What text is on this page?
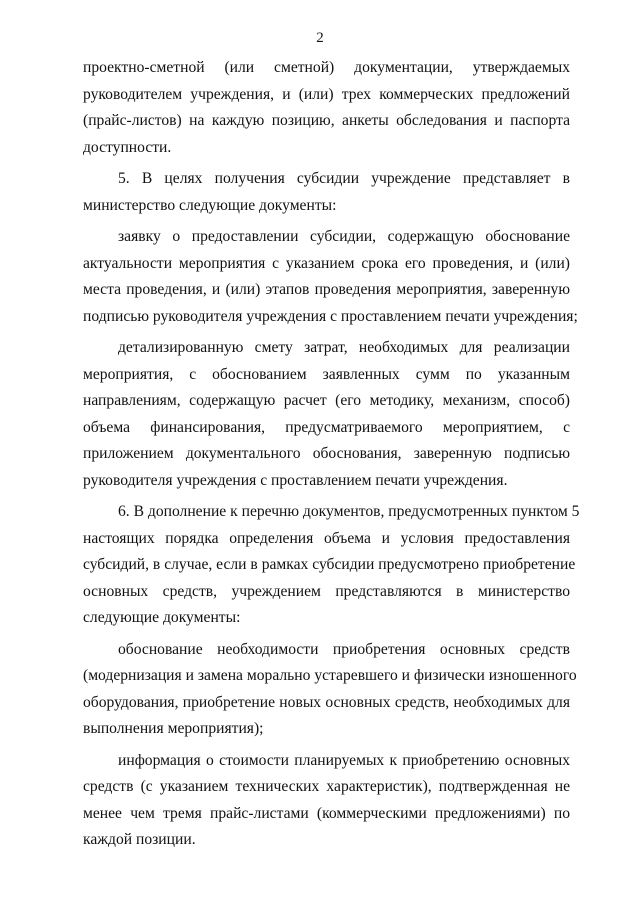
2
проектно-сметной (или сметной) документации, утверждаемых
руководителем учреждения, и (или) трех коммерческих предложений
(прайс-листов) на каждую позицию, анкеты обследования и паспорта
доступности.
5. В целях получения субсидии учреждение представляет в
министерство следующие документы:
заявку о предоставлении субсидии, содержащую обоснование
актуальности мероприятия с указанием срока его проведения, и (или)
места проведения, и (или) этапов проведения мероприятия, заверенную
подписью руководителя учреждения с проставлением печати учреждения;
детализированную смету затрат, необходимых для реализации
мероприятия, с обоснованием заявленных сумм по указанным
направлениям, содержащую расчет (его методику, механизм, способ)
объема финансирования, предусматриваемого мероприятием, с
приложением документального обоснования, заверенную подписью
руководителя учреждения с проставлением печати учреждения.
6. В дополнение к перечню документов, предусмотренных пунктом 5
настоящих порядка определения объема и условия предоставления
субсидий, в случае, если в рамках субсидии предусмотрено приобретение
основных средств, учреждением представляются в министерство
следующие документы:
обоснование необходимости приобретения основных средств
(модернизация и замена морально устаревшего и физически изношенного
оборудования, приобретение новых основных средств, необходимых для
выполнения мероприятия);
информация о стоимости планируемых к приобретению основных
средств (с указанием технических характеристик), подтвержденная не
менее чем тремя прайс-листами (коммерческими предложениями) по
каждой позиции.
